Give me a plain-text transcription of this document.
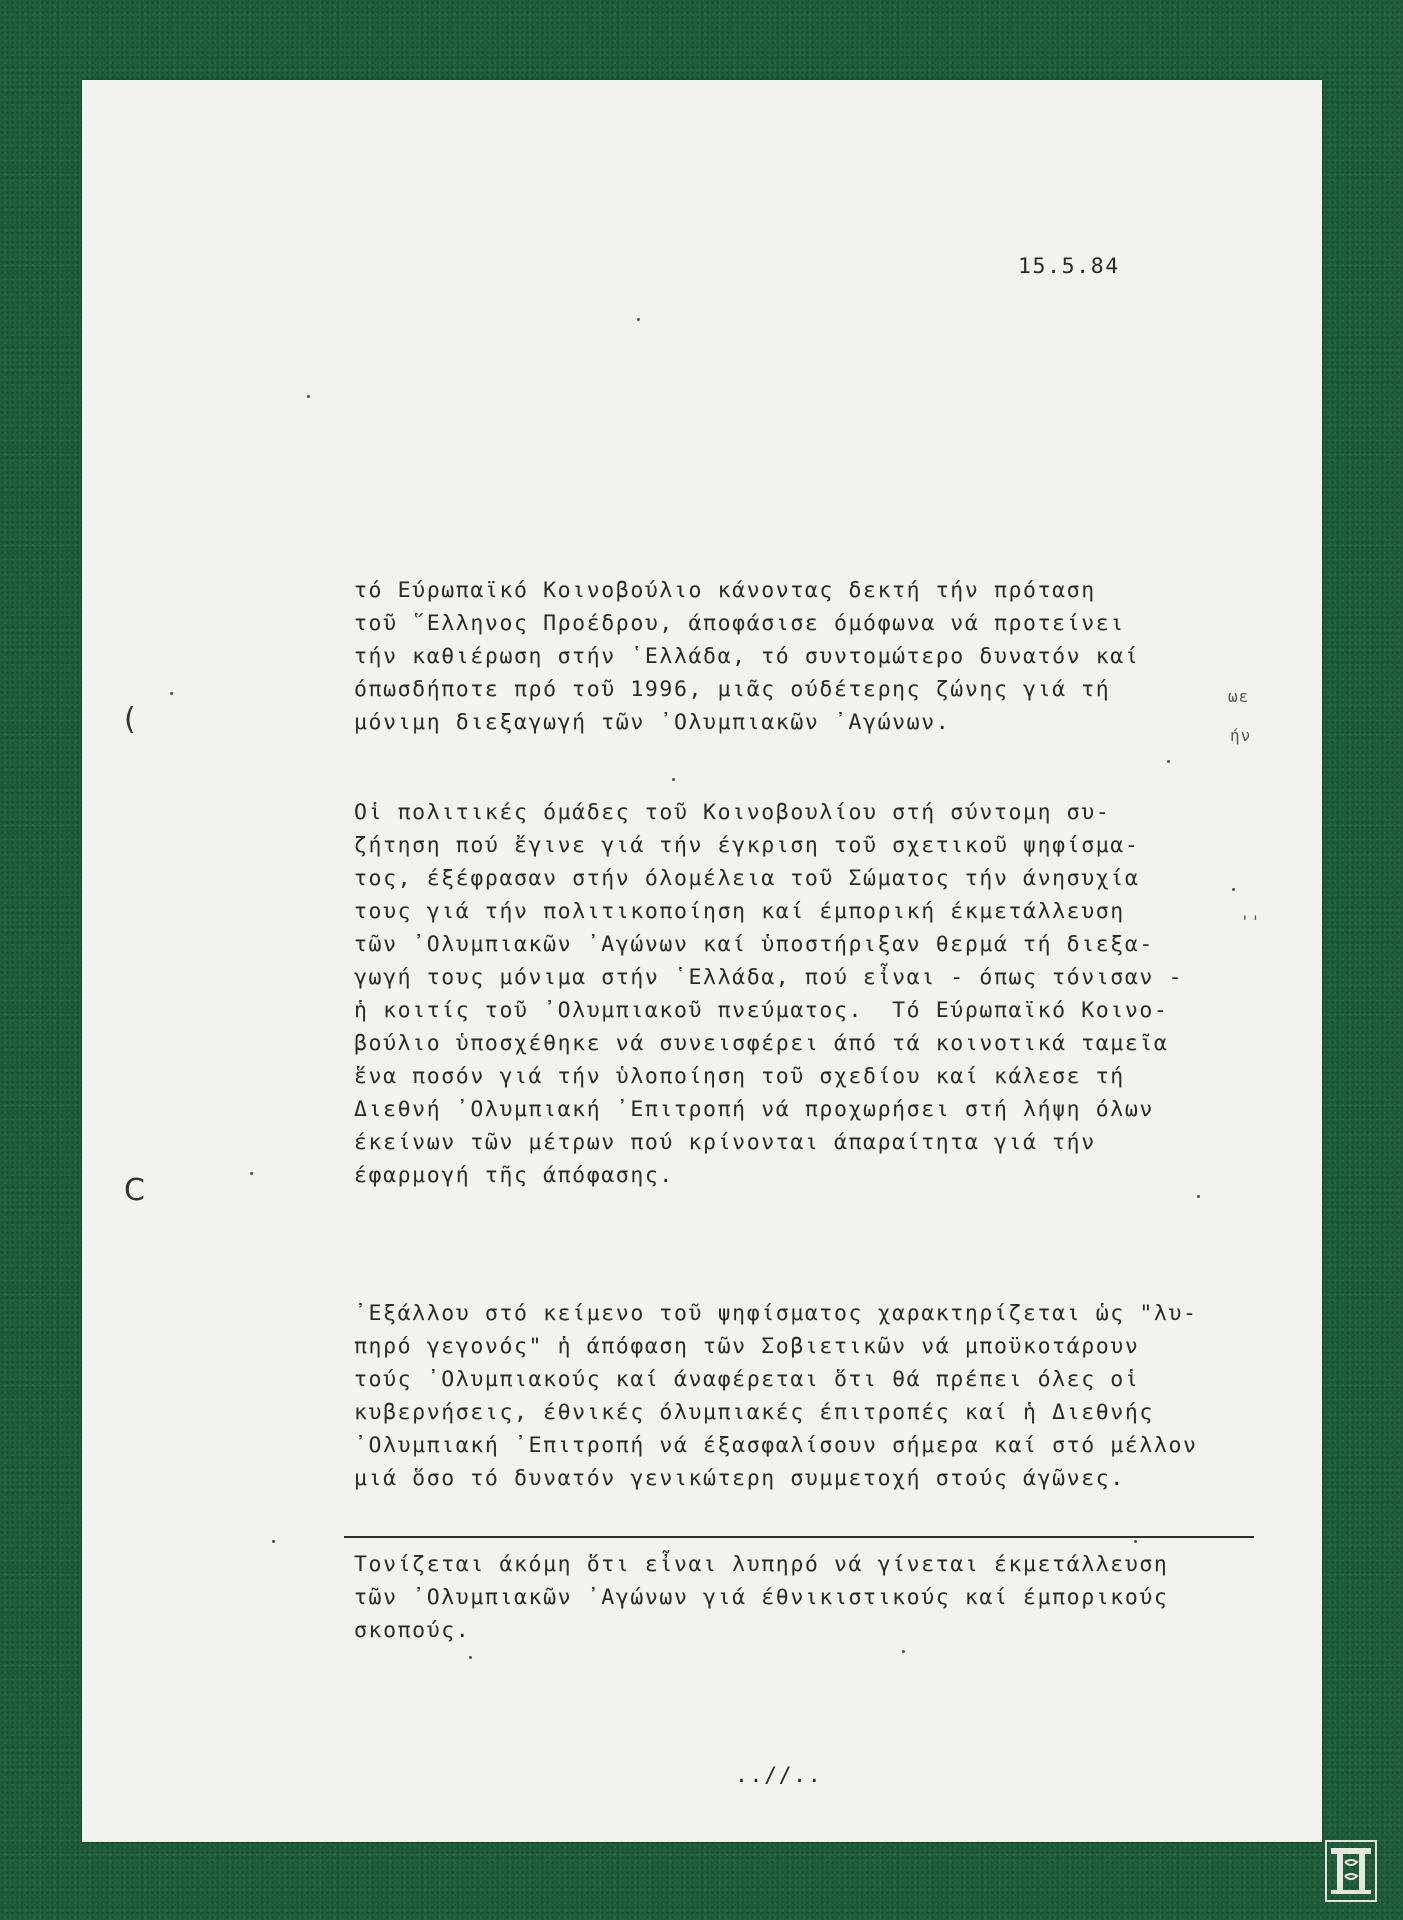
15.5.84
τό Εύρωπαϊκό Κοινοβούλιο κάνοντας δεκτή τήν πρόταση
τοῦ ῞Ελληνος Προέδρου, άποφάσισε όμόφωνα νά προτείνει
τήν καθιέρωση στήν ῾Ελλάδα, τό συντομώτερο δυνατόν καί
όπωσδήποτε πρό τοῦ 1996, μιᾶς ούδέτερης ζώνης γιά τή
μόνιμη διεξαγωγή τῶν ᾿Ολυμπιακῶν ᾿Αγώνων.
Οἱ πολιτικές όμάδες τοῦ Κοινοβουλίου στή σύντομη συ-
ζήτηση πού ἔγινε γιά τήν έγκριση τοῦ σχετικοῦ ψηφίσμα-
τος, έξέφρασαν στήν όλομέλεια τοῦ Σώματος τήν άνησυχία
τους γιά τήν πολιτικοποίηση καί έμπορική έκμετάλλευση
τῶν ᾿Ολυμπιακῶν ᾿Αγώνων καί ὑποστήριξαν θερμά τή διεξα-
γωγή τους μόνιμα στήν ῾Ελλάδα, πού εἶναι - όπως τόνισαν -
ἡ κοιτίς τοῦ ᾿Ολυμπιακοῦ πνεύματος.  Τό Εύρωπαϊκό Κοινο-
βούλιο ὑποσχέθηκε νά συνεισφέρει άπό τά κοινοτικά ταμεῖα
ἕνα ποσόν γιά τήν ὑλοποίηση τοῦ σχεδίου καί κάλεσε τή
Διεθνή ᾿Ολυμπιακή ᾿Επιτροπή νά προχωρήσει στή λήψη όλων
έκείνων τῶν μέτρων πού κρίνονται άπαραίτητα γιά τήν
έφαρμογή τῆς άπόφασης.
᾿Εξάλλου στό κείμενο τοῦ ψηφίσματος χαρακτηρίζεται ὡς "λυ-
πηρό γεγονός" ἡ άπόφαση τῶν Σοβιετικῶν νά μποϋκοτάρουν
τούς ᾿Ολυμπιακούς καί άναφέρεται ὅτι θά πρέπει όλες οἱ
κυβερνήσεις, έθνικές όλυμπιακές έπιτροπές καί ἡ Διεθνής
᾿Ολυμπιακή ᾿Επιτροπή νά έξασφαλίσουν σήμερα καί στό μέλλον
μιά ὅσο τό δυνατόν γενικώτερη συμμετοχή στούς άγῶνες.
Τονίζεται άκόμη ὅτι εἶναι λυπηρό νά γίνεται έκμετάλλευση
τῶν ᾿Ολυμπιακῶν ᾿Αγώνων γιά έθνικιστικούς καί έμπορικούς
σκοπούς.
..//..
ωε
ήν
''
(
C
